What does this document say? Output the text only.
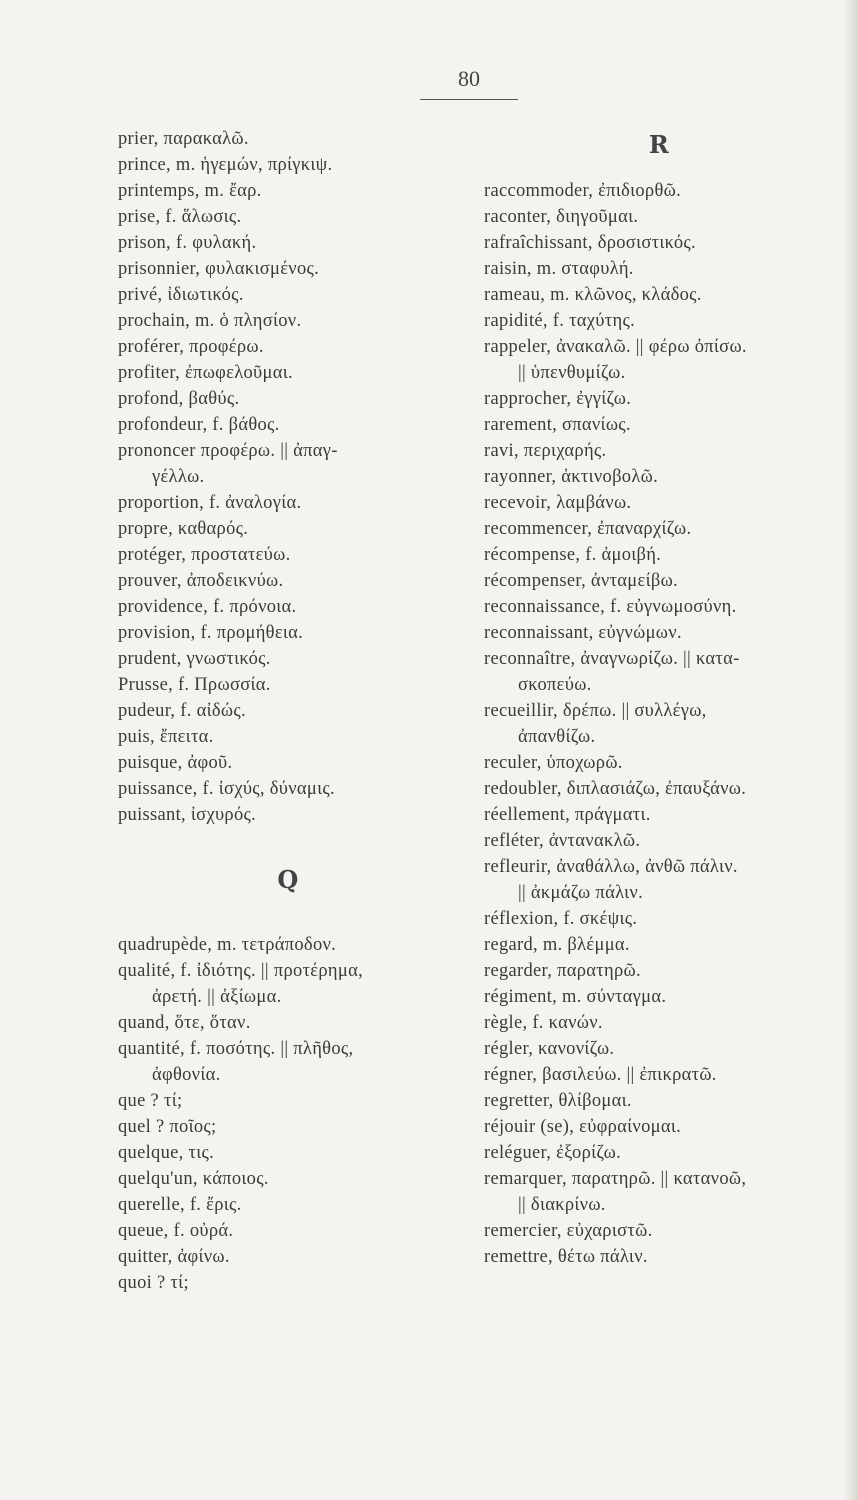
80
prier, παρακαλῶ.
prince, m. ἡγεμών, πρίγκιψ.
printemps, m. ἔαρ.
prise, f. ἅλωσις.
prison, f. φυλακή.
prisonnier, φυλακισμένος.
privé, ἰδιωτικός.
prochain, m. ὁ πλησίον.
proférer, προφέρω.
profiter, ἐπωφελοῦμαι.
profond, βαθύς.
profondeur, f. βάθος.
prononcer προφέρω. || ἀπαγ-
γέλλω.
proportion, f. ἀναλογία.
propre, καθαρός.
protéger, προστατεύω.
prouver, ἀποδεικνύω.
providence, f. πρόνοια.
provision, f. προμήθεια.
prudent, γνωστικός.
Prusse, f. Πρωσσία.
pudeur, f. αἰδώς.
puis, ἔπειτα.
puisque, ἀφοῦ.
puissance, f. ἰσχύς, δύναμις.
puissant, ἰσχυρός.
Q
quadrupède, m. τετράποδον.
qualité, f. ἰδιότης. || προτέρημα,
ἀρετή. || ἀξίωμα.
quand, ὅτε, ὅταν.
quantité, f. ποσότης. || πλῆθος,
ἀφθονία.
que ? τί;
quel ? ποῖος;
quelque, τις.
quelqu'un, κάποιος.
querelle, f. ἔρις.
queue, f. οὐρά.
quitter, ἀφίνω.
quoi ? τί;
R
raccommoder, ἐπιδιορθῶ.
raconter, διηγοῦμαι.
rafraîchissant, δροσιστικός.
raisin, m. σταφυλή.
rameau, m. κλῶνος, κλάδος.
rapidité, f. ταχύτης.
rappeler, ἀνακαλῶ. || φέρω ὀπίσω.
|| ὑπενθυμίζω.
rapprocher, ἐγγίζω.
rarement, σπανίως.
ravi, περιχαρής.
rayonner, ἀκτινοβολῶ.
recevoir, λαμβάνω.
recommencer, ἐπαναρχίζω.
récompense, f. ἀμοιβή.
récompenser, ἀνταμείβω.
reconnaissance, f. εὐγνωμοσύνη.
reconnaissant, εὐγνώμων.
reconnaître, ἀναγνωρίζω. || κατα-
σκοπεύω.
recueillir, δρέπω. || συλλέγω,
ἀπανθίζω.
reculer, ὑποχωρῶ.
redoubler, διπλασιάζω, ἐπαυξάνω.
réellement, πράγματι.
refléter, ἀντανακλῶ.
refleurir, ἀναθάλλω, ἀνθῶ πάλιν.
|| ἀκμάζω πάλιν.
réflexion, f. σκέψις.
regard, m. βλέμμα.
regarder, παρατηρῶ.
régiment, m. σύνταγμα.
règle, f. κανών.
régler, κανονίζω.
régner, βασιλεύω. || ἐπικρατῶ.
regretter, θλίβομαι.
réjouir (se), εὐφραίνομαι.
reléguer, ἐξορίζω.
remarquer, παρατηρῶ. || κατανοῶ,
|| διακρίνω.
remercier, εὐχαριστῶ.
remettre, θέτω πάλιν.
